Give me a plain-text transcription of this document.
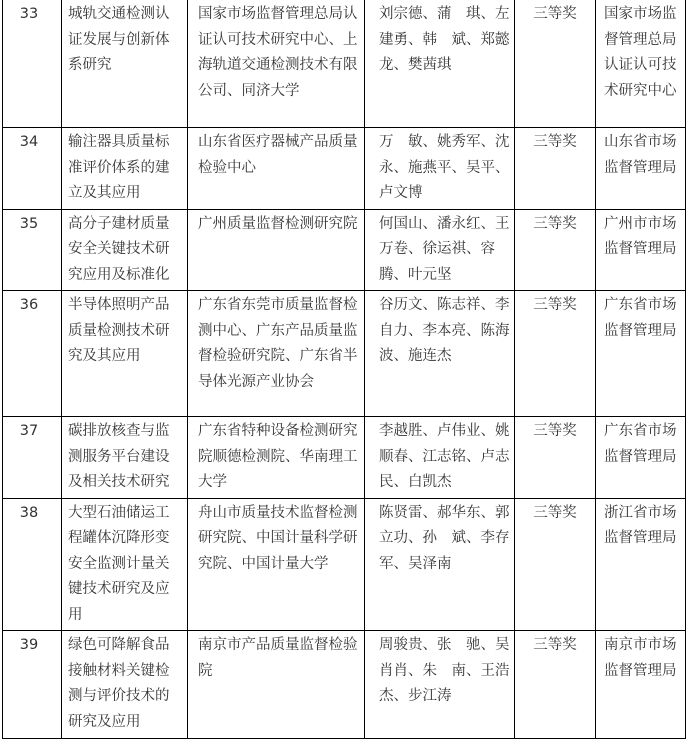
33	城轨交通检测认证发展与创新体系研究	国家市场监督管理总局认证认可技术研究中心、上海轨道交通检测技术有限公司、同济大学	刘宗德、蒲　琪、左建勇、韩　斌、郑懿龙、樊茜琪	三等奖	国家市场监督管理总局认证认可技术研究中心
34	输注器具质量标准评价体系的建立及其应用	山东省医疗器械产品质量检验中心	万　敏、姚秀军、沈永、施燕平、吴平、卢文博	三等奖	山东省市场监督管理局
35	高分子建材质量安全关键技术研究应用及标准化	广州质量监督检测研究院	何国山、潘永红、王万卷、徐运祺、容　腾、叶元坚	三等奖	广州市市场监督管理局
36	半导体照明产品质量检测技术研究及其应用	广东省东莞市质量监督检测中心、广东产品质量监督检验研究院、广东省半导体光源产业协会	谷历文、陈志祥、李自力、李本亮、陈海波、施连杰	三等奖	广东省市场监督管理局
37	碳排放核查与监测服务平台建设及相关技术研究	广东省特种设备检测研究院顺德检测院、华南理工大学	李越胜、卢伟业、姚顺春、江志铭、卢志民、白凯杰	三等奖	广东省市场监督管理局
38	大型石油储运工程罐体沉降形变安全监测计量关键技术研究及应用	舟山市质量技术监督检测研究院、中国计量科学研究院、中国计量大学	陈贤雷、郝华东、郭立功、孙　斌、李存军、吴泽南	三等奖	浙江省市场监督管理局
39	绿色可降解食品接触材料关键检测与评价技术的研究及应用	南京市产品质量监督检验院	周骏贵、张　驰、吴肖肖、朱　南、王浩杰、步江涛	三等奖	南京市市场监督管理局
